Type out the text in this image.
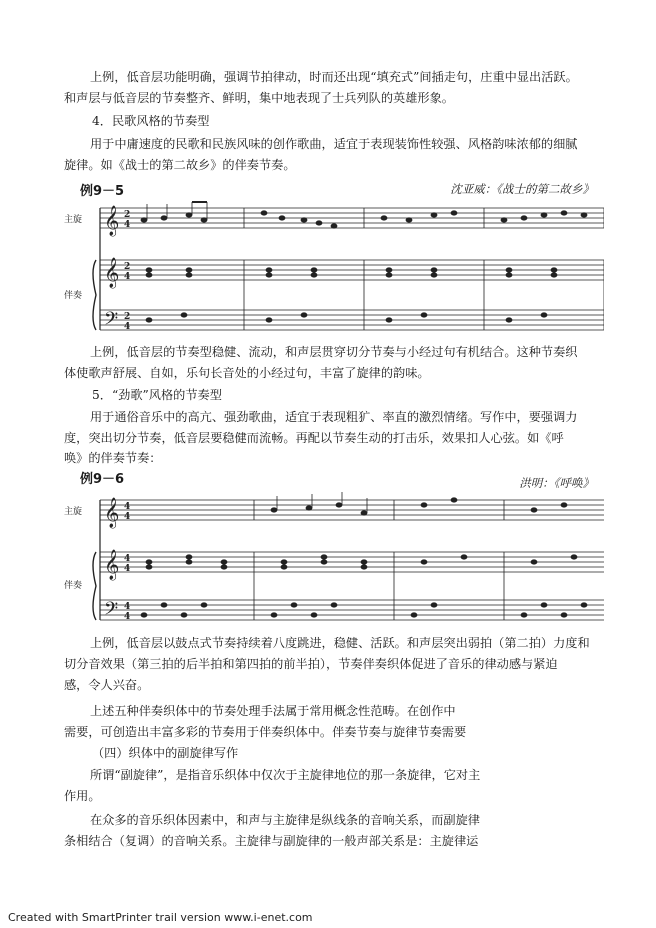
上例，低音层功能明确，强调节拍律动，时而还出现“填充式”间插走句，庄重中显出活跃。

和声层与低音层的节奏整齐、鲜明，集中地表现了士兵列队的英雄形象。

4．民歌风格的节奏型

用于中庸速度的民歌和民族风味的创作歌曲，适宜于表现装饰性较强、风格韵味浓郁的细腻

旋律。如《战士的第二故乡》的伴奏节奏。

例9－5	沈亚威：《战士的第二故乡》
𝄞
𝄞
𝄢
2
4
2
4
2
4
主旋
伴奏

上例，低音层的节奏型稳健、流动，和声层贯穿切分节奏与小经过句有机结合。这种节奏织

体使歌声舒展、自如，乐句长音处的小经过句，丰富了旋律的韵味。

5．“劲歌”风格的节奏型

用于通俗音乐中的高亢、强劲歌曲，适宜于表现粗犷、率直的激烈情绪。写作中，要强调力

度，突出切分节奏，低音层要稳健而流畅。再配以节奏生动的打击乐，效果扣人心弦。如《呼

唤》的伴奏节奏：

例9－6	洪明：《呼唤》
𝄞
𝄞
𝄢
4
4
4
4
4
4
主旋
伴奏

上例，低音层以鼓点式节奏持续着八度跳进，稳健、活跃。和声层突出弱拍（第二拍）力度和

切分音效果（第三拍的后半拍和第四拍的前半拍），节奏伴奏织体促进了音乐的律动感与紧迫

感，令人兴奋。

上述五种伴奏织体中的节奏处理手法属于常用概念性范畴。在创作中

需要，可创造出丰富多彩的节奏用于伴奏织体中。伴奏节奏与旋律节奏需要

（四）织体中的副旋律写作

所谓“副旋律”，是指音乐织体中仅次于主旋律地位的那一条旋律，它对主

作用。

在众多的音乐织体因素中，和声与主旋律是纵线条的音响关系，而副旋律

条相结合（复调）的音响关系。主旋律与副旋律的一般声部关系是：主旋律运

Created with SmartPrinter trail version www.i-enet.com
